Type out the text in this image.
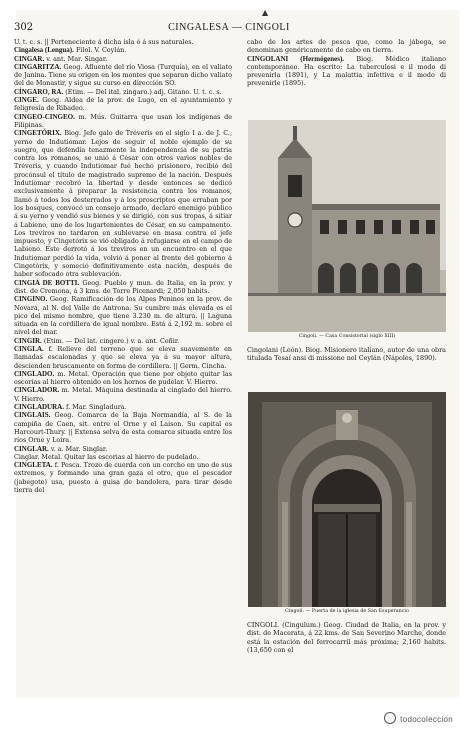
▲
302	CINGALESA — CINGOLI

U. t. c. s. || Perteneciente á dicha isla ó á sus naturales.

Cingalesa (Lengua). Filol. V. Ceylán.

CINGAR. v. ant. Mar. Singar.

CINGARITZA. Geog. Afluente del río Viosa (Turquía), en el valiato de Janina. Tiene su origen en los montes que separan dicho valiato del de Monastir, y sigue su curso en dirección SO.

CÍNGARO, RA. (Etim. — Del ital. zingaro.) adj. Gitano. U. t. c. s.

CINGE. Geog. Aldea de la prov. de Lugo, en el ayuntamiento y feligresía de Ribadeo.

CINGEO-CINGEO. m. Mús. Guitarra que usan los indígenas de Filipinas.

CINGETÓRIX. Biog. Jefe galo de Tréveris en el siglo I a. de J. C., yerno de Indutiomar. Lejos de seguir el noble ejemplo de su suegro, que defendía tenazmente la independencia de su patria contra los romanos, se unió á César con otros varios nobles de Tréveris, y cuando Indutiomar fué hecho prisionero, recibió del procónsul el título de magistrado supremo de la nación. Después Indutiomar recobró la libertad y desde entonces se dedicó exclusivamente á preparar la resistencia contra los romanos, llamó á todos los desterrados y á los proscriptos que erraban por los bosques, convocó un consejo armado, declaró enemigo público á su yerno y vendió sus bienes y se dirigió, con sus tropas, á sitiar á Labieno, uno de los lugartenientes de César, en su campamento. Los treviros no tardaron en sublevarse en masa contra el jefe impuesto, y Cingetórix se vió obligado á refugiarse en el campo de Labieno. Este derrotó á los treviros en un encuentro en el que Indutiomar perdió la vida, volvió á poner al frente del gobierno á Cingetórix, y someció definitivamente esta nación, después de haber sofocado otra sublevación.

CINGIA DE BOTTI. Geog. Pueblo y mun. de Italia, en la prov. y dist. de Cremona, á 3 kms. de Torre Picenardi; 2,050 habits.

CINGINO. Geog. Ramificación de los Alpes Peninos en la prov. de Novara, al N. del Valle de Antrona. Su cumbre más elevada es el pico del mismo nombre, que tiene 3.230 m. de altura. || Laguna situada en la cordillera de igual nombre. Está á 2,192 m. sobre el nivel del mar.

CINGIR. (Etim. — Del lat. cingere.) v. a. ant. Ceñir.

CINGLA. f. Relieve del terreno que se eleva suavemente en llamadas escalonadas y que se eleva ya á su mayor altura, descienden bruscamente en forma de cordillera. || Germ. Cincha.

CINGLADO. m. Metal. Operación que tiene por objeto quitar las escorias al hierro obtenido en los hornos de pudelar. V. Hierro.

CINGLADOR. m. Metal. Máquina destinada al cinglado del hierro. V. Hierro.

CINGLADURA. f. Mar. Singladura.

CINGLAIS. Geog. Comarca de la Baja Normandía, al S. de la campiña de Caen, sit. entre el Orne y el Laison. Su capital es Harcourt-Thury. || Extensa selva de esta comarca situada entre los ríos Orne y Loira.

CINGLAR. v. a. Mar. Singlar.

Cinglar. Metal. Quitar las escorias al hierro de pudelado.

CINGLETA. f. Pesca. Trozo de cuerda con un corcho en uno de sus extremos, y formando una gran gaza el otro, que el pescador (jabegote) usa, puesto á guisa de bandolera, para tirar desde tierra del

cabo de los artes de pesca que, como la jábega, se denominan genéricamente de cabo en tierra.

CINGOLANI (Hermógenes). Biog. Médico italiano contemporáneo. Ha escrito: La tuberculosi e il modo di prevenirla (1891), y La malattia infettiva e il modo di prevenirle (1895).

Cingoli. — Casa Consistorial (siglo XIII)

Cingolani (León). Biog. Misionero italiano, autor de una obra titulada Tesaí ansi di missione nel Ceylán (Nápoles, 1890).

Cingoli. — Puerta de la iglesia de San Esuperancio

CINGOLI. (Cingulum.) Geog. Ciudad de Italia, en la prov. y dist. de Macerata, á 22 kms. de San Severino Marche, donde está la estación del ferrocarril más próxima; 2,160 habits. (13,650 con el

todocoleccion
